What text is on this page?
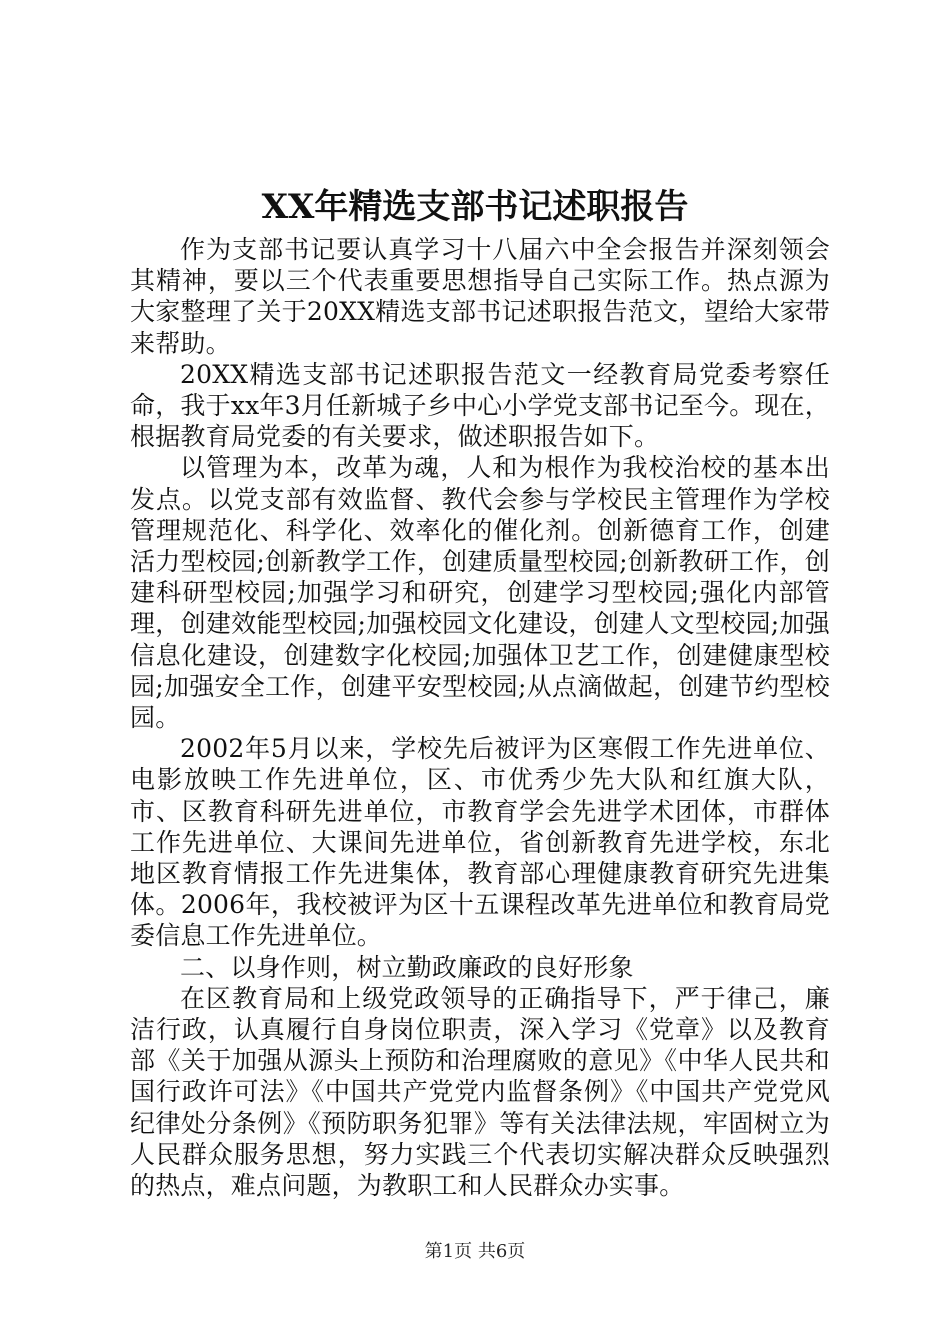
XX年精选支部书记述职报告

作为支部书记要认真学习十八届六中全会报告并深刻领会其精神，要以三个代表重要思想指导自己实际工作。热点源为大家整理了关于20XX精选支部书记述职报告范文，望给大家带来帮助。

20XX精选支部书记述职报告范文一经教育局党委考察任命，我于xx年3月任新城子乡中心小学党支部书记至今。现在，根据教育局党委的有关要求，做述职报告如下。

以管理为本，改革为魂，人和为根作为我校治校的基本出发点。以党支部有效监督、教代会参与学校民主管理作为学校管理规范化、科学化、效率化的催化剂。创新德育工作，创建活力型校园;创新教学工作，创建质量型校园;创新教研工作，创建科研型校园;加强学习和研究，创建学习型校园;强化内部管理，创建效能型校园;加强校园文化建设，创建人文型校园;加强信息化建设，创建数字化校园;加强体卫艺工作，创建健康型校园;加强安全工作，创建平安型校园;从点滴做起，创建节约型校园。

2002年5月以来，学校先后被评为区寒假工作先进单位、电影放映工作先进单位，区、市优秀少先大队和红旗大队，市、区教育科研先进单位，市教育学会先进学术团体，市群体工作先进单位、大课间先进单位，省创新教育先进学校，东北地区教育情报工作先进集体，教育部心理健康教育研究先进集体。2006年，我校被评为区十五课程改革先进单位和教育局党委信息工作先进单位。

二、以身作则，树立勤政廉政的良好形象

在区教育局和上级党政领导的正确指导下，严于律己，廉洁行政，认真履行自身岗位职责，深入学习《党章》以及教育部《关于加强从源头上预防和治理腐败的意见》《中华人民共和国行政许可法》《中国共产党党内监督条例》《中国共产党党风纪律处分条例》《预防职务犯罪》等有关法律法规，牢固树立为人民群众服务思想，努力实践三个代表切实解决群众反映强烈的热点，难点问题，为教职工和人民群众办实事。

第1页 共6页
